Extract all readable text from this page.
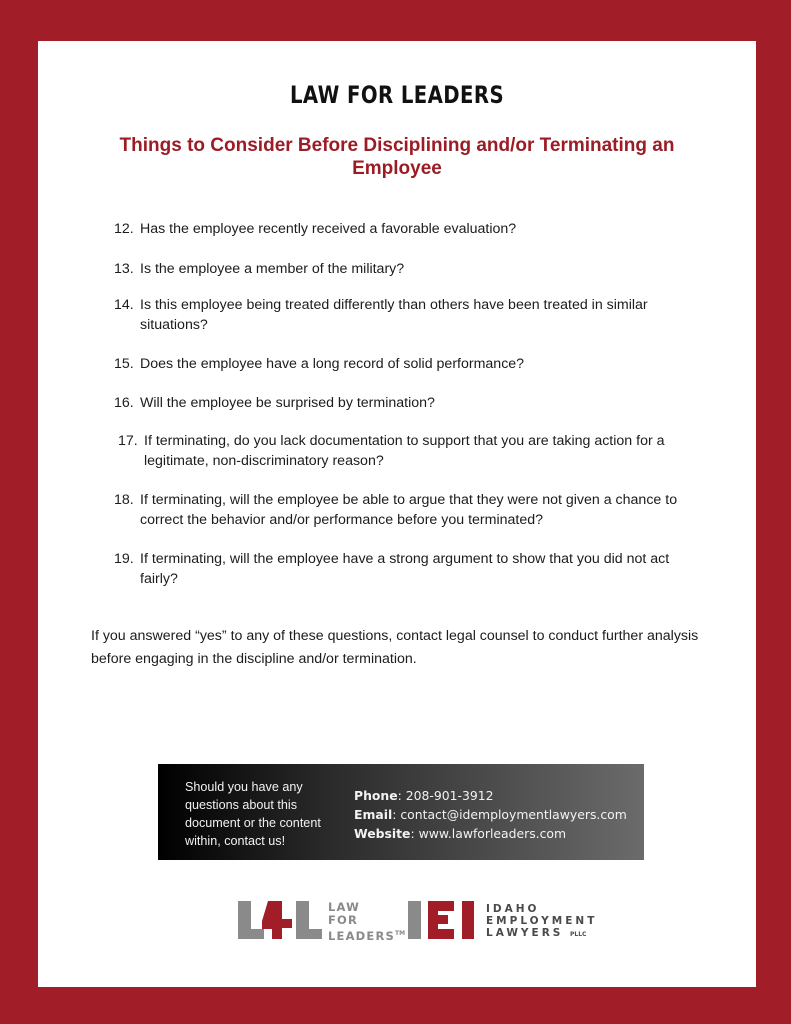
LAW FOR LEADERS
Things to Consider Before Disciplining and/or Terminating an Employee
12. Has the employee recently received a favorable evaluation?
13. Is the employee a member of the military?
14. Is this employee being treated differently than others have been treated in similar situations?
15. Does the employee have a long record of solid performance?
16. Will the employee be surprised by termination?
17. If terminating, do you lack documentation to support that you are taking action for a legitimate, non-discriminatory reason?
18. If terminating, will the employee be able to argue that they were not given a chance to correct the behavior and/or performance before you terminated?
19. If terminating, will the employee have a strong argument to show that you did not act fairly?
If you answered “yes” to any of these questions, contact legal counsel to conduct further analysis before engaging in the discipline and/or termination.
Should you have any questions about this document or the content within, contact us!
Phone: 208-901-3912
Email: contact@idemploymentlawyers.com
Website: www.lawforleaders.com
LAW
FOR
LEADERS™
IDAHO
EMPLOYMENT
LAWYERS PLLC
